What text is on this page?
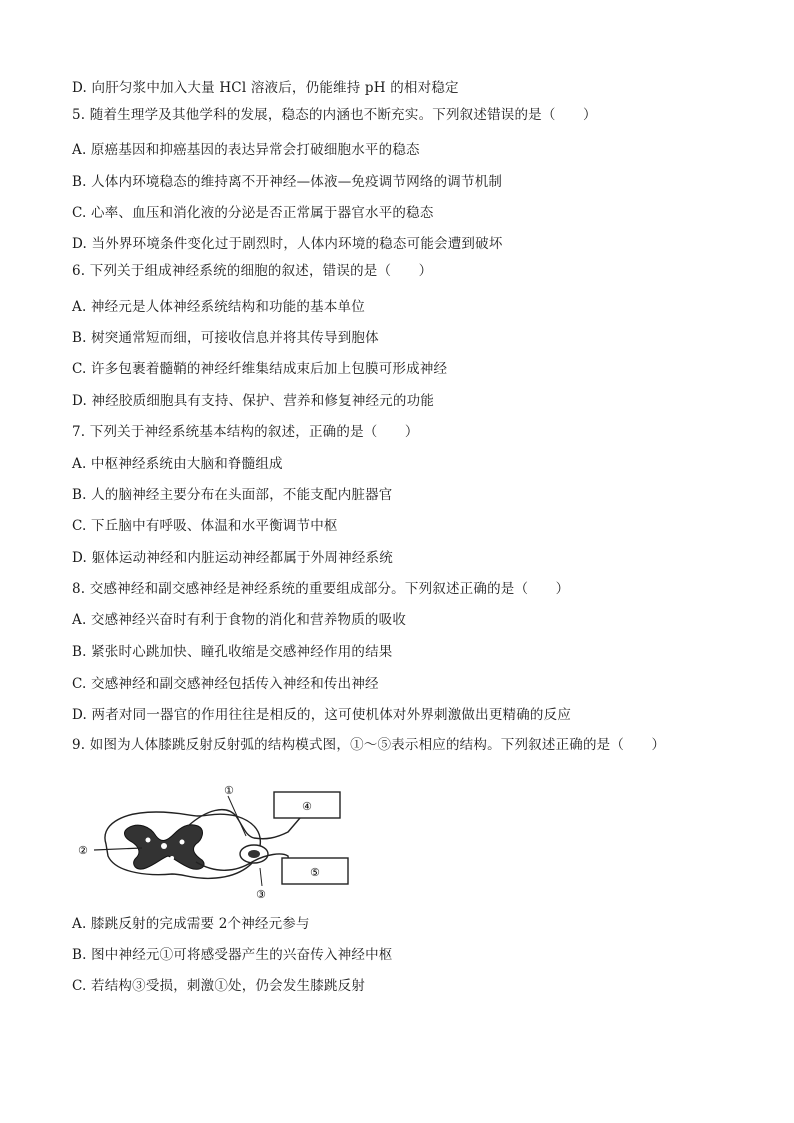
D. 向肝匀浆中加入大量 HCl 溶液后，仍能维持 pH 的相对稳定
5. 随着生理学及其他学科的发展，稳态的内涵也不断充实。下列叙述错误的是（　　）
A. 原癌基因和抑癌基因的表达异常会打破细胞水平的稳态
B. 人体内环境稳态的维持离不开神经—体液—免疫调节网络的调节机制
C. 心率、血压和消化液的分泌是否正常属于器官水平的稳态
D. 当外界环境条件变化过于剧烈时，人体内环境的稳态可能会遭到破坏
6. 下列关于组成神经系统的细胞的叙述，错误的是（　　）
A. 神经元是人体神经系统结构和功能的基本单位
B. 树突通常短而细，可接收信息并将其传导到胞体
C. 许多包裹着髓鞘的神经纤维集结成束后加上包膜可形成神经
D. 神经胶质细胞具有支持、保护、营养和修复神经元的功能
7. 下列关于神经系统基本结构的叙述，正确的是（　　）
A. 中枢神经系统由大脑和脊髓组成
B. 人的脑神经主要分布在头面部，不能支配内脏器官
C. 下丘脑中有呼吸、体温和水平衡调节中枢
D. 躯体运动神经和内脏运动神经都属于外周神经系统
8. 交感神经和副交感神经是神经系统的重要组成部分。下列叙述正确的是（　　）
A. 交感神经兴奋时有利于食物的消化和营养物质的吸收
B. 紧张时心跳加快、瞳孔收缩是交感神经作用的结果
C. 交感神经和副交感神经包括传入神经和传出神经
D. 两者对同一器官的作用往往是相反的，这可使机体对外界刺激做出更精确的反应
9. 如图为人体膝跳反射反射弧的结构模式图，①～⑤表示相应的结构。下列叙述正确的是（　　）
①
②
③
④
⑤
A. 膝跳反射的完成需要 2个神经元参与
B. 图中神经元①可将感受器产生的兴奋传入神经中枢
C. 若结构③受损，刺激①处，仍会发生膝跳反射
